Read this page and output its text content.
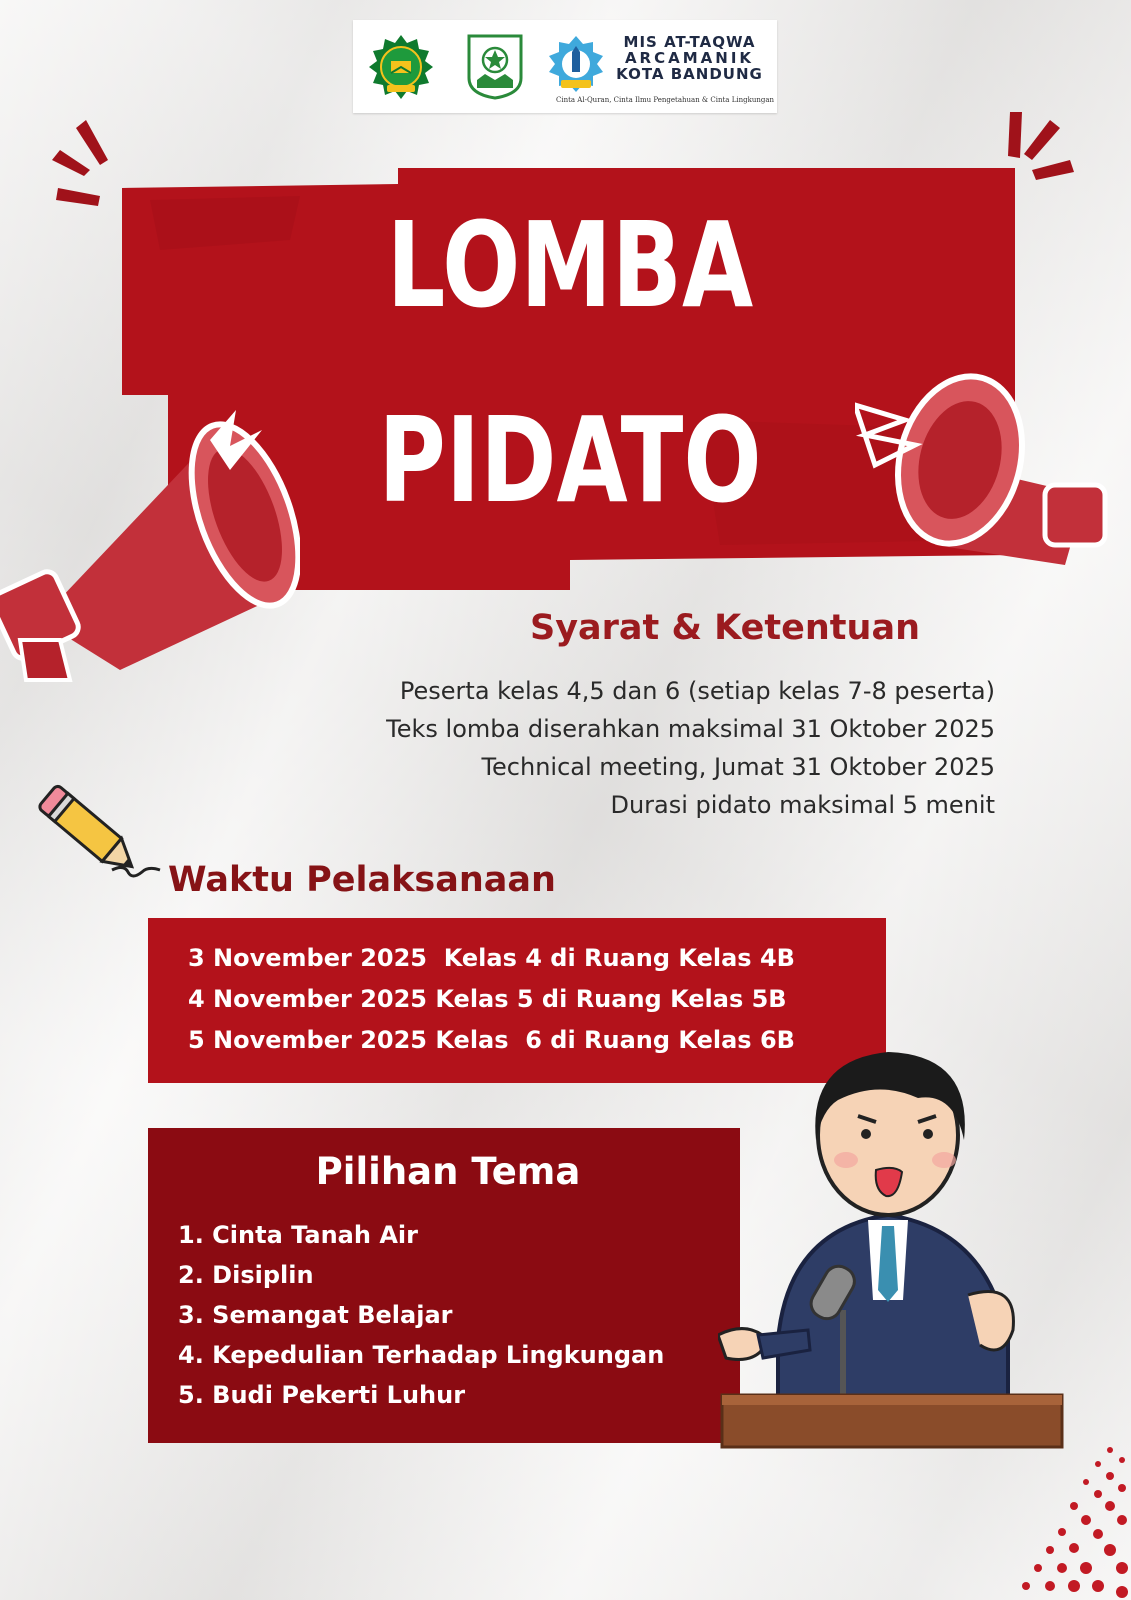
MIS AT-TAQWA
ARCAMANIK
KOTA BANDUNG
Cinta Al-Quran, Cinta Ilmu Pengetahuan & Cinta Lingkungan
LOMBA
PIDATO
Syarat & Ketentuan
Peserta kelas 4,5 dan 6 (setiap kelas 7-8 peserta)
Teks lomba diserahkan maksimal 31 Oktober 2025
Technical meeting, Jumat 31 Oktober 2025
Durasi pidato maksimal 5 menit
Waktu Pelaksanaan
3 November 2025  Kelas 4 di Ruang Kelas 4B
4 November 2025 Kelas 5 di Ruang Kelas 5B
5 November 2025 Kelas  6 di Ruang Kelas 6B
Pilihan Tema
1. Cinta Tanah Air
2. Disiplin
3. Semangat Belajar
4. Kepedulian Terhadap Lingkungan
5. Budi Pekerti Luhur
